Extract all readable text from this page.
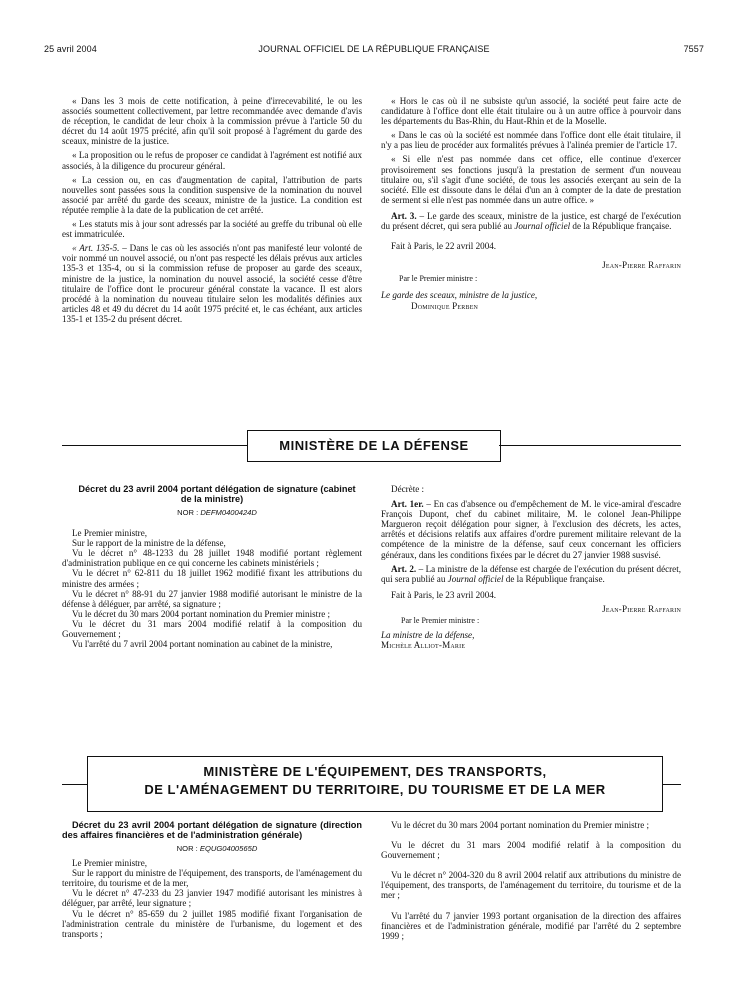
25 avril 2004	JOURNAL OFFICIEL DE LA RÉPUBLIQUE FRANÇAISE	7557

« Dans les 3 mois de cette notification, à peine d'irrecevabilité, le ou les associés soumettent collectivement, par lettre recommandée avec demande d'avis de réception, le candidat de leur choix à la commission prévue à l'article 50 du décret du 14 août 1975 précité, afin qu'il soit proposé à l'agrément du garde des sceaux, ministre de la justice.

« La proposition ou le refus de proposer ce candidat à l'agrément est notifié aux associés, à la diligence du procureur général.

« La cession ou, en cas d'augmentation de capital, l'attribution de parts nouvelles sont passées sous la condition suspensive de la nomination du nouvel associé par arrêté du garde des sceaux, ministre de la justice. La condition est réputée remplie à la date de la publication de cet arrêté.

« Les statuts mis à jour sont adressés par la société au greffe du tribunal où elle est immatriculée.

« Art. 135-5. – Dans le cas où les associés n'ont pas manifesté leur volonté de voir nommé un nouvel associé, ou n'ont pas respecté les délais prévus aux articles 135-3 et 135-4, ou si la commission refuse de proposer au garde des sceaux, ministre de la justice, la nomination du nouvel associé, la société cesse d'être titulaire de l'office dont le procureur général constate la vacance. Il est alors procédé à la nomination du nouveau titulaire selon les modalités définies aux articles 48 et 49 du décret du 14 août 1975 précité et, le cas échéant, aux articles 135-1 et 135-2 du présent décret.

« Hors le cas où il ne subsiste qu'un associé, la société peut faire acte de candidature à l'office dont elle était titulaire ou à un autre office à pourvoir dans les départements du Bas-Rhin, du Haut-Rhin et de la Moselle.

« Dans le cas où la société est nommée dans l'office dont elle était titulaire, il n'y a pas lieu de procéder aux formalités prévues à l'alinéa premier de l'article 17.

« Si elle n'est pas nommée dans cet office, elle continue d'exercer provisoirement ses fonctions jusqu'à la prestation de serment d'un nouveau titulaire ou, s'il s'agit d'une société, de tous les associés exerçant au sein de la société. Elle est dissoute dans le délai d'un an à compter de la date de prestation de serment si elle n'est pas nommée dans un autre office. »

Art. 3. – Le garde des sceaux, ministre de la justice, est chargé de l'exécution du présent décret, qui sera publié au Journal officiel de la République française.

Fait à Paris, le 22 avril 2004.

Jean-Pierre Raffarin

Par le Premier ministre :

Le garde des sceaux, ministre de la justice,

Dominique Perben

MINISTÈRE DE LA DÉFENSE

Décret du 23 avril 2004 portant délégation de signature (cabinet de la ministre)

NOR : DEFM0400424D

Le Premier ministre,

Sur le rapport de la ministre de la défense,

Vu le décret n° 48-1233 du 28 juillet 1948 modifié portant règlement d'administration publique en ce qui concerne les cabinets ministériels ;

Vu le décret n° 62-811 du 18 juillet 1962 modifié fixant les attributions du ministre des armées ;

Vu le décret n° 88-91 du 27 janvier 1988 modifié autorisant le ministre de la défense à déléguer, par arrêté, sa signature ;

Vu le décret du 30 mars 2004 portant nomination du Premier ministre ;

Vu le décret du 31 mars 2004 modifié relatif à la composition du Gouvernement ;

Vu l'arrêté du 7 avril 2004 portant nomination au cabinet de la ministre,

Décrète :

Art. 1er. – En cas d'absence ou d'empêchement de M. le vice-amiral d'escadre François Dupont, chef du cabinet militaire, M. le colonel Jean-Philippe Margueron reçoit délégation pour signer, à l'exclusion des décrets, les actes, arrêtés et décisions relatifs aux affaires d'ordre purement militaire relevant de la compétence de la ministre de la défense, sauf ceux concernant les officiers généraux, dans les conditions fixées par le décret du 27 janvier 1988 susvisé.

Art. 2. – La ministre de la défense est chargée de l'exécution du présent décret, qui sera publié au Journal officiel de la République française.

Fait à Paris, le 23 avril 2004.

Jean-Pierre Raffarin

Par le Premier ministre :

La ministre de la défense,

Michèle Alliot-Marie

MINISTÈRE DE L'ÉQUIPEMENT, DES TRANSPORTS,
DE L'AMÉNAGEMENT DU TERRITOIRE, DU TOURISME ET DE LA MER

Décret du 23 avril 2004 portant délégation de signature (direction des affaires financières et de l'administration générale)

NOR : EQUG0400565D

Le Premier ministre,

Sur le rapport du ministre de l'équipement, des transports, de l'aménagement du territoire, du tourisme et de la mer,

Vu le décret n° 47-233 du 23 janvier 1947 modifié autorisant les ministres à déléguer, par arrêté, leur signature ;

Vu le décret n° 85-659 du 2 juillet 1985 modifié fixant l'organisation de l'administration centrale du ministère de l'urbanisme, du logement et des transports ;

Vu le décret du 30 mars 2004 portant nomination du Premier ministre ;

Vu le décret du 31 mars 2004 modifié relatif à la composition du Gouvernement ;

Vu le décret n° 2004-320 du 8 avril 2004 relatif aux attributions du ministre de l'équipement, des transports, de l'aménagement du territoire, du tourisme et de la mer ;

Vu l'arrêté du 7 janvier 1993 portant organisation de la direction des affaires financières et de l'administration générale, modifié par l'arrêté du 2 septembre 1999 ;
